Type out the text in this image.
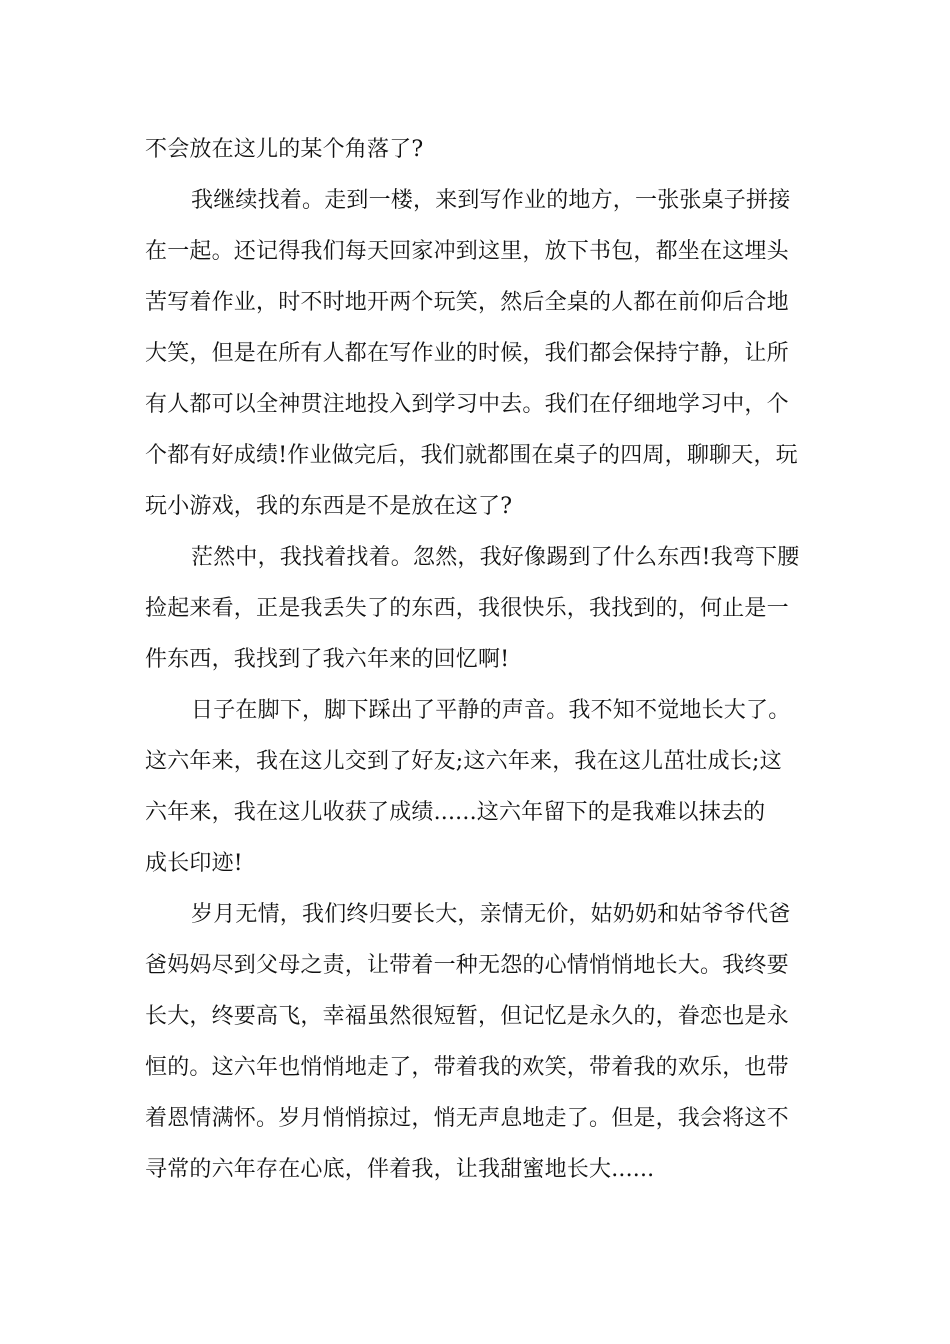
不会放在这儿的某个角落了?
我继续找着。走到一楼，来到写作业的地方，一张张桌子拼接
在一起。还记得我们每天回家冲到这里，放下书包，都坐在这埋头
苦写着作业，时不时地开两个玩笑，然后全桌的人都在前仰后合地
大笑，但是在所有人都在写作业的时候，我们都会保持宁静，让所
有人都可以全神贯注地投入到学习中去。我们在仔细地学习中，个
个都有好成绩!作业做完后，我们就都围在桌子的四周，聊聊天，玩
玩小游戏，我的东西是不是放在这了?
茫然中，我找着找着。忽然，我好像踢到了什么东西!我弯下腰
捡起来看，正是我丢失了的东西，我很快乐，我找到的，何止是一
件东西，我找到了我六年来的回忆啊!
日子在脚下，脚下踩出了平静的声音。我不知不觉地长大了。
这六年来，我在这儿交到了好友;这六年来，我在这儿茁壮成长;这
六年来，我在这儿收获了成绩......这六年留下的是我难以抹去的
成长印迹!
岁月无情，我们终归要长大，亲情无价，姑奶奶和姑爷爷代爸
爸妈妈尽到父母之责，让带着一种无怨的心情悄悄地长大。我终要
长大，终要高飞，幸福虽然很短暂，但记忆是永久的，眷恋也是永
恒的。这六年也悄悄地走了，带着我的欢笑，带着我的欢乐，也带
着恩情满怀。岁月悄悄掠过，悄无声息地走了。但是，我会将这不
寻常的六年存在心底，伴着我，让我甜蜜地长大......
